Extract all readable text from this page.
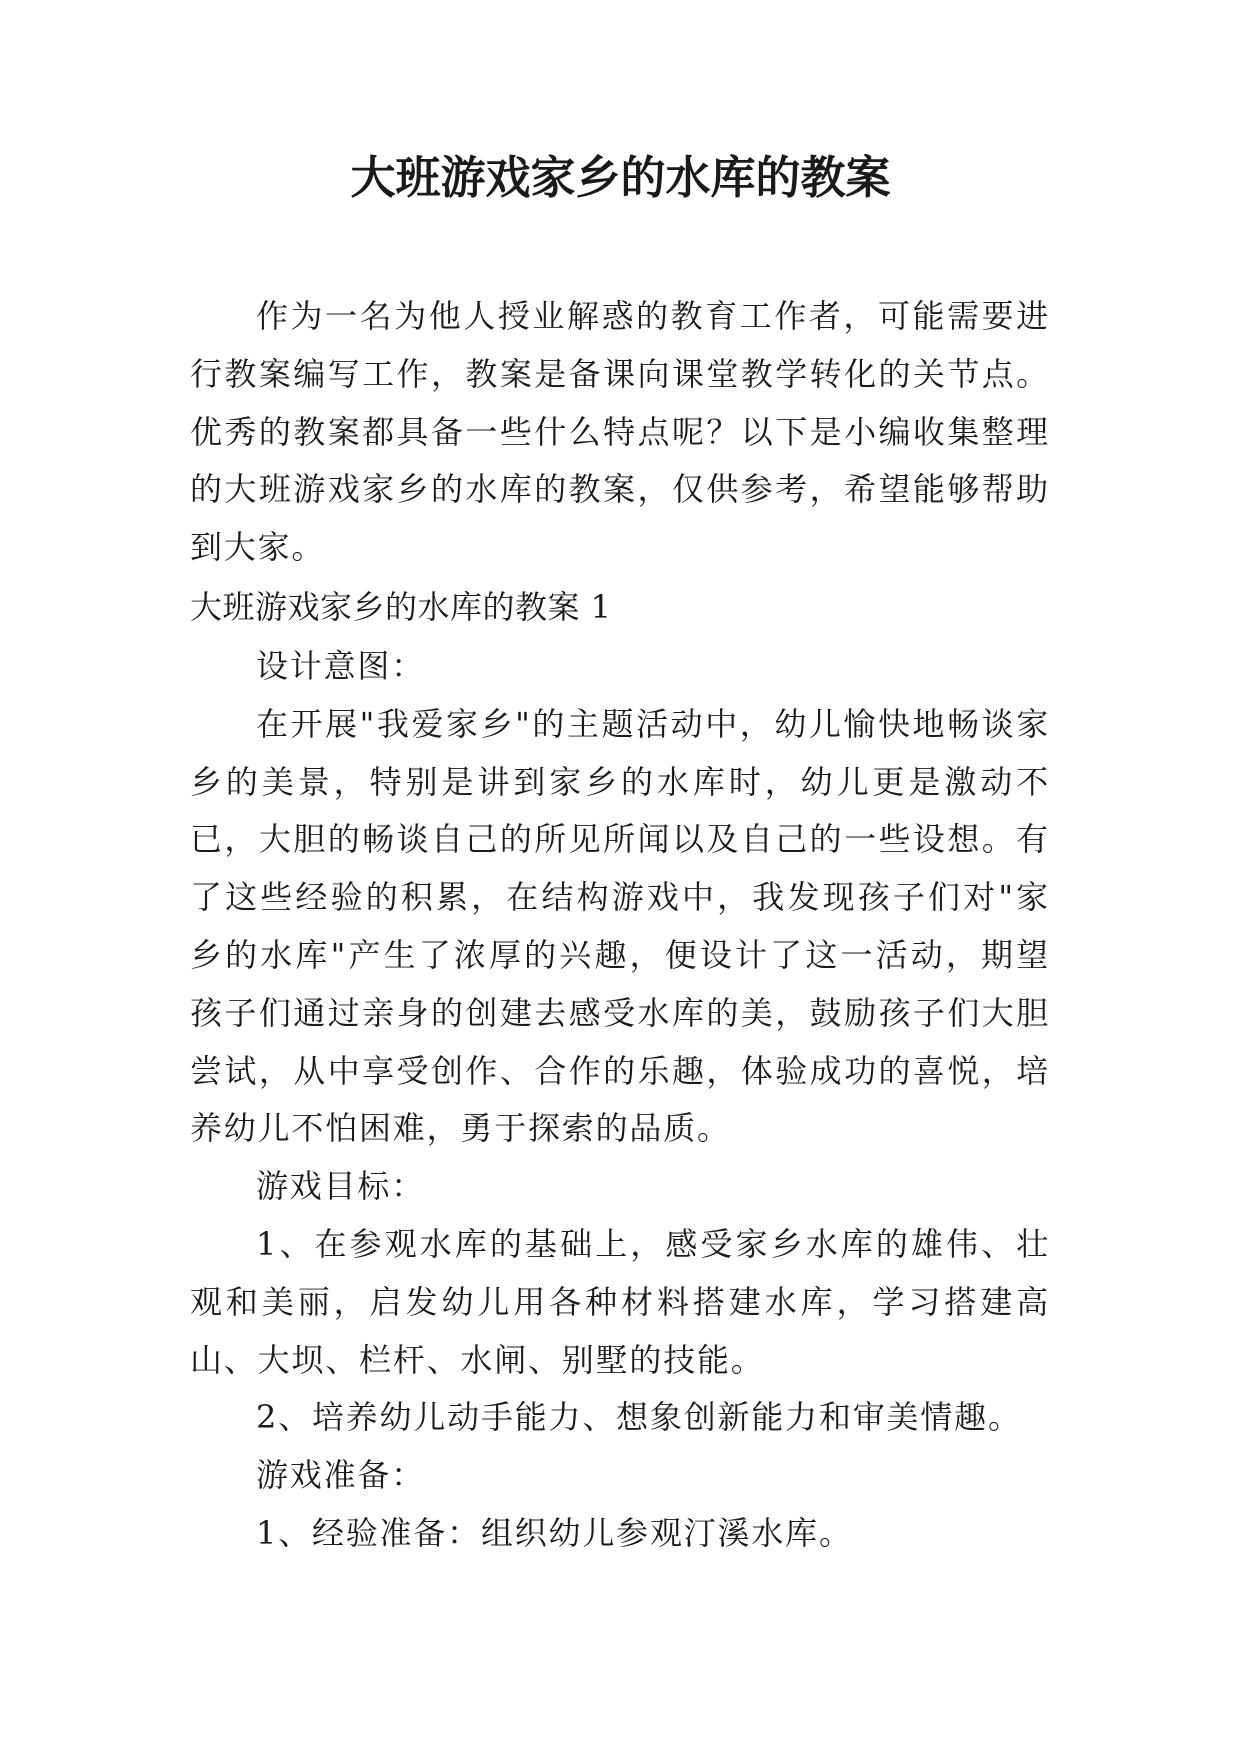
大班游戏家乡的水库的教案

作为一名为他人授业解惑的教育工作者，可能需要进行教案编写工作，教案是备课向课堂教学转化的关节点。优秀的教案都具备一些什么特点呢？以下是小编收集整理的大班游戏家乡的水库的教案，仅供参考，希望能够帮助到大家。

大班游戏家乡的水库的教案 1

设计意图：

在开展"我爱家乡"的主题活动中，幼儿愉快地畅谈家乡的美景，特别是讲到家乡的水库时，幼儿更是激动不已，大胆的畅谈自己的所见所闻以及自己的一些设想。有了这些经验的积累，在结构游戏中，我发现孩子们对"家乡的水库"产生了浓厚的兴趣，便设计了这一活动，期望孩子们通过亲身的创建去感受水库的美，鼓励孩子们大胆尝试，从中享受创作、合作的乐趣，体验成功的喜悦，培养幼儿不怕困难，勇于探索的品质。

游戏目标：

1、在参观水库的基础上，感受家乡水库的雄伟、壮观和美丽，启发幼儿用各种材料搭建水库，学习搭建高山、大坝、栏杆、水闸、别墅的技能。

2、培养幼儿动手能力、想象创新能力和审美情趣。

游戏准备：

1、经验准备：组织幼儿参观汀溪水库。
